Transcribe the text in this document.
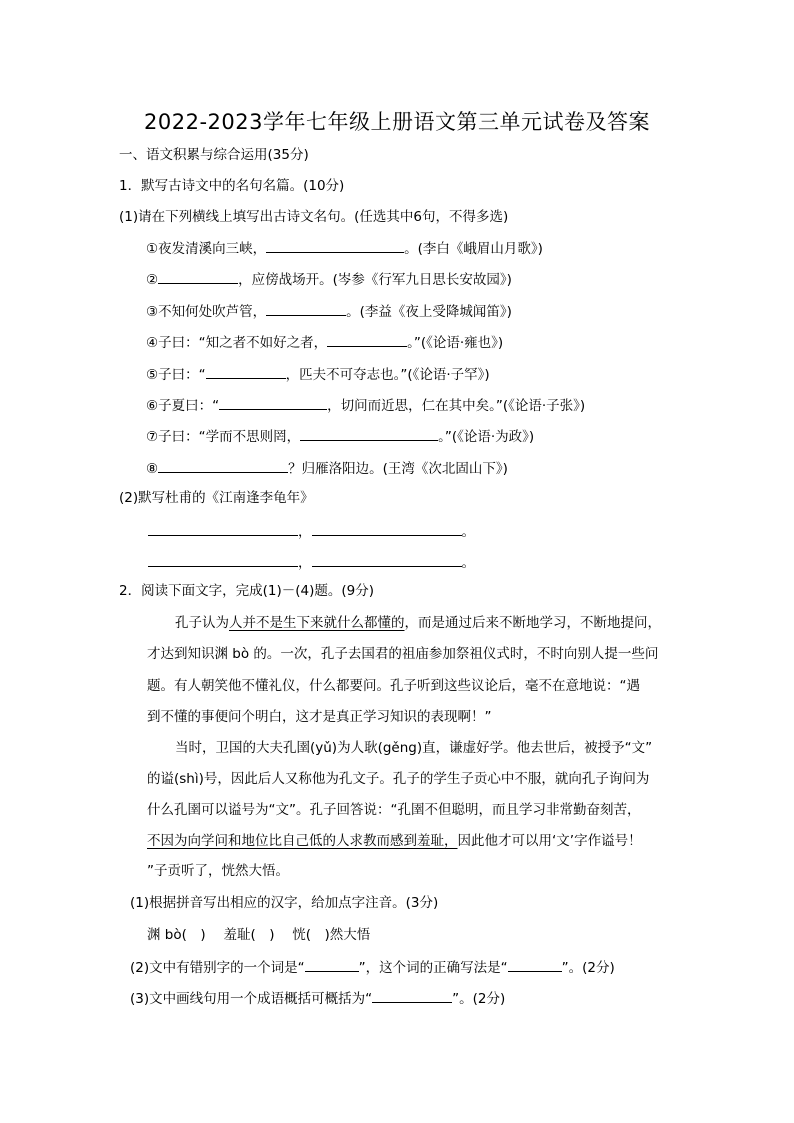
2022-2023学年七年级上册语文第三单元试卷及答案
一、语文积累与综合运用(35分)
1．默写古诗文中的名句名篇。(10分)
(1)请在下列横线上填写出古诗文名句。(任选其中6句，不得多选)
①夜发清溪向三峡，	。(李白《峨眉山月歌》)
②	，应傍战场开。(岑参《行军九日思长安故园》)
③不知何处吹芦管，	。(李益《夜上受降城闻笛》)
④子曰：“知之者不如好之者，	。”(《论语·雍也》)
⑤子曰：“	，匹夫不可夺志也。”(《论语·子罕》)
⑥子夏曰：“	，切问而近思，仁在其中矣。”(《论语·子张》)
⑦子曰：“学而不思则罔，	。”(《论语·为政》)
⑧	？归雁洛阳边。(王湾《次北固山下》)
(2)默写杜甫的《江南逢李龟年》
，	。
，	。
2．阅读下面文字，完成(1)－(4)题。(9分)
孔子认为人并不是生下来就什么都懂的，而是通过后来不断地学习，不断地提问，
才达到知识渊 bò 的。一次，孔子去国君的祖庙参加祭祖仪式时，不时向别人提一些问
题。有人朝笑他不懂礼仪，什么都要问。孔子听到这些议论后，毫不在意地说：“遇
到不懂的事便问个明白，这才是真正学习知识的表现啊！”
当时，卫国的大夫孔圉(yǔ)为人耿(gěng)直，谦虚好学。他去世后，被授予“文”
的谥(shì)号，因此后人又称他为孔文子。孔子的学生子贡心中不服，就向孔子询问为
什么孔圉可以谥号为“文”。孔子回答说：“孔圉不但聪明，而且学习非常勤奋刻苦，
不因为向学问和地位比自己低的人求教而感到羞耻，因此他才可以用‘文’字作谥号！
”子贡听了，恍然大悟。
(1)根据拼音写出相应的汉字，给加点字注音。(3分)
渊 bò(　)　 羞耻(　)　 恍(　)然大悟
(2)文中有错别字的一个词是“	”，这个词的正确写法是“	”。(2分)
(3)文中画线句用一个成语概括可概括为“	”。(2分)
